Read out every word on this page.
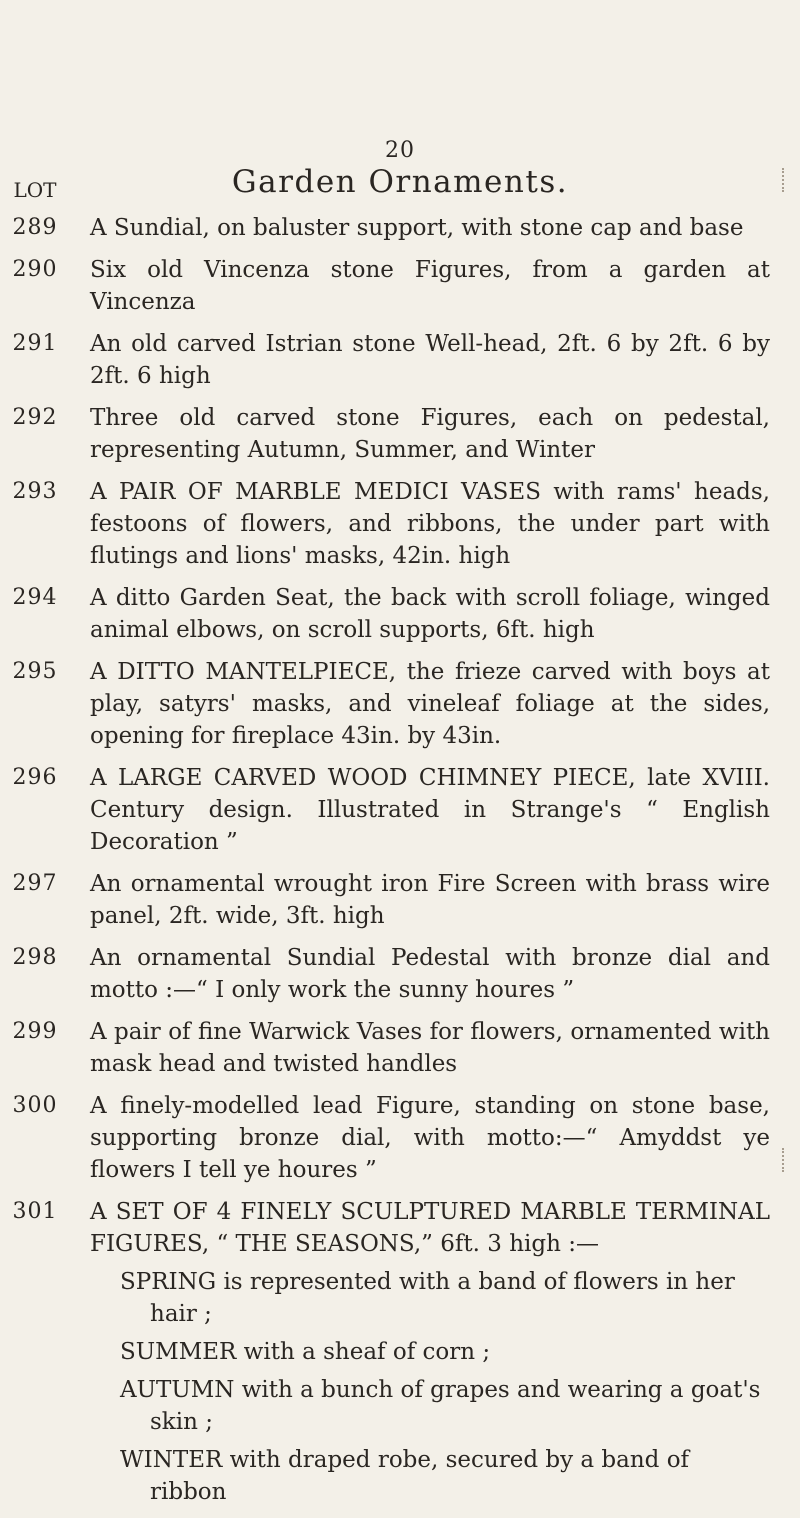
20
Garden Ornaments.
LOT
289	A Sundial, on baluster support, with stone cap and base
290	Six old Vincenza stone Figures, from a garden at Vincenza
291	An old carved Istrian stone Well-head, 2ft. 6 by 2ft. 6 by 2ft. 6 high
292	Three old carved stone Figures, each on pedestal, representing Autumn, Summer, and Winter
293	A PAIR OF MARBLE MEDICI VASES with rams' heads, festoons of flowers, and ribbons, the under part with flutings and lions' masks, 42in. high
294	A ditto Garden Seat, the back with scroll foliage, winged animal elbows, on scroll supports, 6ft. high
295	A DITTO MANTELPIECE, the frieze carved with boys at play, satyrs' masks, and vineleaf foliage at the sides, opening for fireplace 43in. by 43in.
296	A LARGE CARVED WOOD CHIMNEY PIECE, late XVIII. Century design. Illustrated in Strange's “ English Decoration ”
297	An ornamental wrought iron Fire Screen with brass wire panel, 2ft. wide, 3ft. high
298	An ornamental Sundial Pedestal with bronze dial and motto :—“ I only work the sunny houres ”
299	A pair of fine Warwick Vases for flowers, ornamented with mask head and twisted handles
300	A finely-modelled lead Figure, standing on stone base, supporting bronze dial, with motto:—“ Amyddst ye flowers I tell ye houres ”
301	A SET OF 4 FINELY SCULPTURED MARBLE TERMINAL FIGURES, “ THE SEASONS,” 6ft. 3 high :—
SPRING is represented with a band of flowers in her hair ;
SUMMER with a sheaf of corn ;
AUTUMN with a bunch of grapes and wearing a goat's skin ;
WINTER with draped robe, secured by a band of ribbon
